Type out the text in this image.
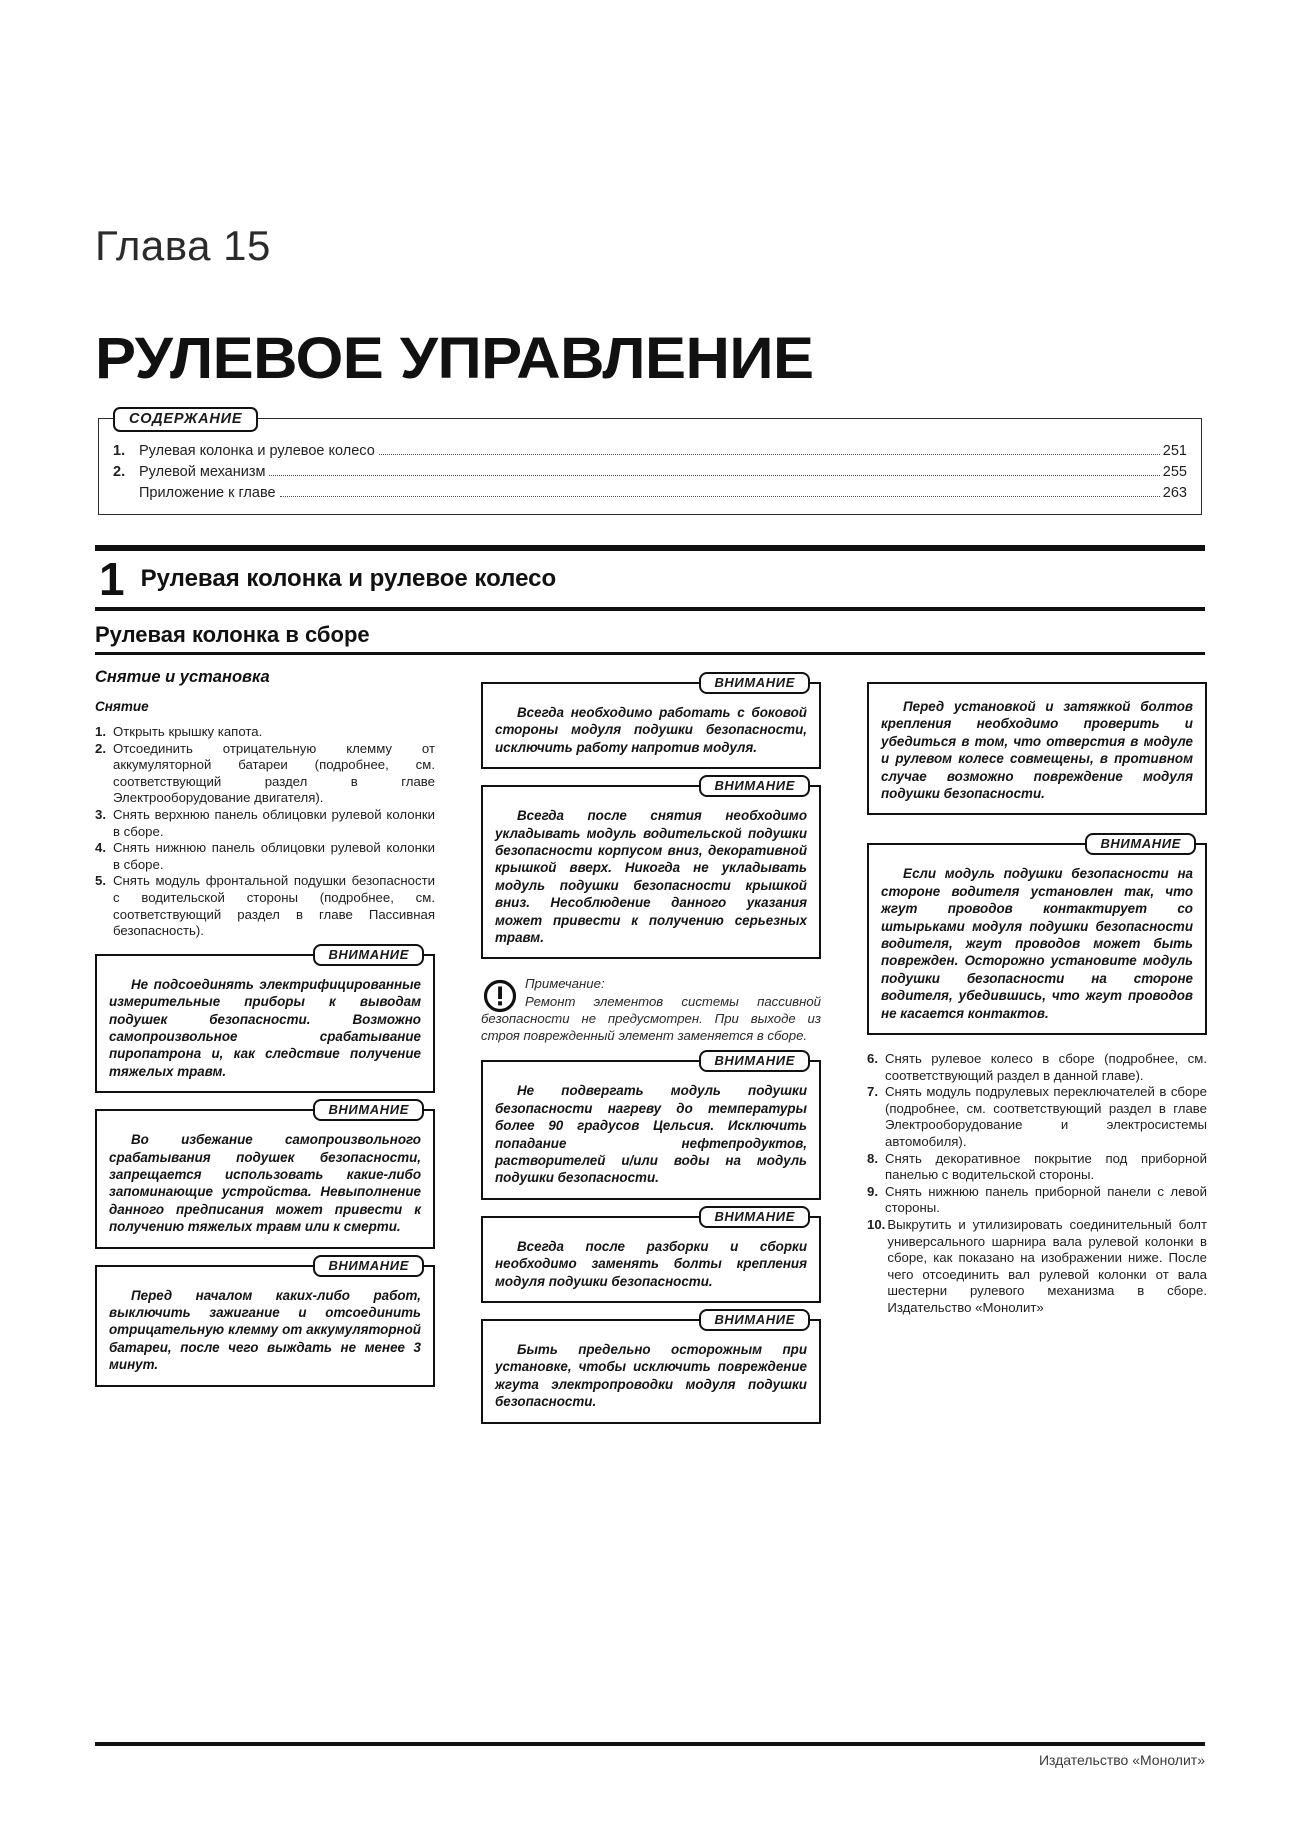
Глава 15
РУЛЕВОЕ УПРАВЛЕНИЕ
СОДЕРЖАНИЕ
1. Рулевая колонка и рулевое колесо	251
2. Рулевой механизм	255
Приложение к главе	263
1 Рулевая колонка и рулевое колесо
Рулевая колонка в сборе
Снятие и установка
Снятие
1. Открыть крышку капота.
2. Отсоединить отрицательную клемму от аккумуляторной батареи (подробнее, см. соответствующий раздел в главе Электрооборудование двигателя).
3. Снять верхнюю панель облицовки рулевой колонки в сборе.
4. Снять нижнюю панель облицовки рулевой колонки в сборе.
5. Снять модуль фронтальной подушки безопасности с водительской стороны (подробнее, см. соответствующий раздел в главе Пассивная безопасность).
ВНИМАНИЕ
Не подсоединять электрифицированные измерительные приборы к выводам подушек безопасности. Возможно самопроизвольное срабатывание пиропатрона и, как следствие получение тяжелых травм.
ВНИМАНИЕ
Во избежание самопроизвольного срабатывания подушек безопасности, запрещается использовать какие-либо запоминающие устройства. Невыполнение данного предписания может привести к получению тяжелых травм или к смерти.
ВНИМАНИЕ
Перед началом каких-либо работ, выключить зажигание и отсоединить отрицательную клемму от аккумуляторной батареи, после чего выждать не менее 3 минут.
ВНИМАНИЕ
Всегда необходимо работать с боковой стороны модуля подушки безопасности, исключить работу напротив модуля.
ВНИМАНИЕ
Всегда после снятия необходимо укладывать модуль водительской подушки безопасности корпусом вниз, декоративной крышкой вверх. Никогда не укладывать модуль подушки безопасности крышкой вниз. Несоблюдение данного указания может привести к получению серьезных травм.
Примечание:
Ремонт элементов системы пассивной безопасности не предусмотрен. При выходе из строя поврежденный элемент заменяется в сборе.
ВНИМАНИЕ
Не подвергать модуль подушки безопасности нагреву до температуры более 90 градусов Цельсия. Исключить попадание нефтепродуктов, растворителей и/или воды на модуль подушки безопасности.
ВНИМАНИЕ
Всегда после разборки и сборки необходимо заменять болты крепления модуля подушки безопасности.
ВНИМАНИЕ
Быть предельно осторожным при установке, чтобы исключить повреждение жгута электропроводки модуля подушки безопасности.
Перед установкой и затяжкой болтов крепления необходимо проверить и убедиться в том, что отверстия в модуле и рулевом колесе совмещены, в противном случае возможно повреждение модуля подушки безопасности.
ВНИМАНИЕ
Если модуль подушки безопасности на стороне водителя установлен так, что жгут проводов контактирует со штырьками модуля подушки безопасности водителя, жгут проводов может быть поврежден. Осторожно установите модуль подушки безопасности на стороне водителя, убедившись, что жгут проводов не касается контактов.
6. Снять рулевое колесо в сборе (подробнее, см. соответствующий раздел в данной главе).
7. Снять модуль подрулевых переключателей в сборе (подробнее, см. соответствующий раздел в главе Электрооборудование и электросистемы автомобиля).
8. Снять декоративное покрытие под приборной панелью с водительской стороны.
9. Снять нижнюю панель приборной панели с левой стороны.
10. Выкрутить и утилизировать соединительный болт универсального шарнира вала рулевой колонки в сборе, как показано на изображении ниже. После чего отсоединить вал рулевой колонки от вала шестерни рулевого механизма в сборе. Издательство «Монолит»
Издательство «Монолит»
